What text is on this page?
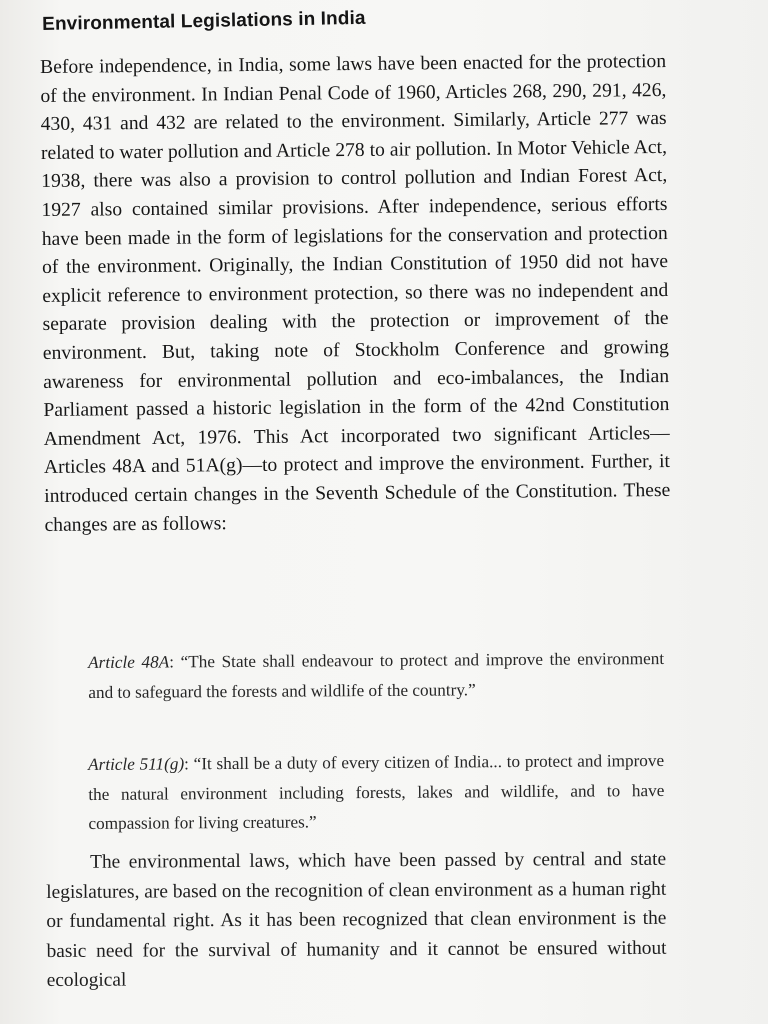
Environmental Legislations in India

Before independence, in India, some laws have been enacted for the protection of the environment. In Indian Penal Code of 1960, Articles 268, 290, 291, 426, 430, 431 and 432 are related to the environment. Similarly, Article 277 was related to water pollution and Article 278 to air pollution. In Motor Vehicle Act, 1938, there was also a provision to control pollution and Indian Forest Act, 1927 also contained similar provisions. After independence, serious efforts have been made in the form of legislations for the conservation and protection of the environment. Originally, the Indian Constitution of 1950 did not have explicit reference to environment protection, so there was no independent and separate provision dealing with the protection or improvement of the environment. But, taking note of Stockholm Conference and growing awareness for environmental pollution and eco-imbalances, the Indian Parliament passed a historic legislation in the form of the 42nd Constitution Amendment Act, 1976. This Act incorporated two significant Articles—Articles 48A and 51A(g)—to protect and improve the environment. Further, it introduced certain changes in the Seventh Schedule of the Constitution. These changes are as follows:

Article 48A: “The State shall endeavour to protect and improve the environment and to safeguard the forests and wildlife of the country.”

Article 511(g): “It shall be a duty of every citizen of India... to protect and improve the natural environment including forests, lakes and wildlife, and to have compassion for living creatures.”

The environmental laws, which have been passed by central and state legislatures, are based on the recognition of clean environment as a human right or fundamental right. As it has been recognized that clean environment is the basic need for the survival of humanity and it cannot be ensured without ecological
